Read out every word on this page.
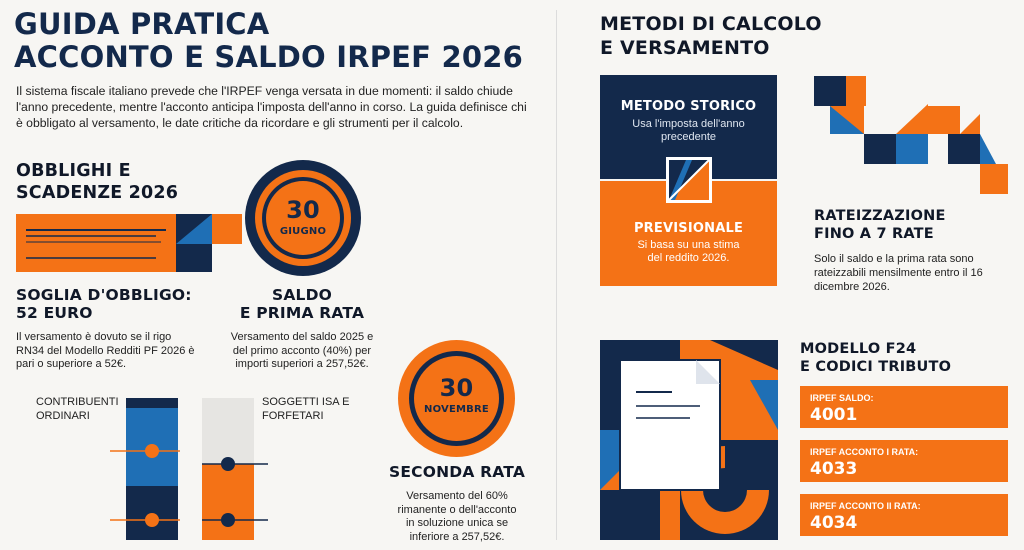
GUIDA PRATICA
ACCONTO E SALDO IRPEF 2026
Il sistema fiscale italiano prevede che l'IRPEF venga versata in due momenti: il saldo chiude l'anno precedente, mentre l'acconto anticipa l'imposta dell'anno in corso. La guida definisce chi è obbligato al versamento, le date critiche da ricordare e gli strumenti per il calcolo.
OBBLIGHI E
SCADENZE 2026
30
GIUGNO
SOGLIA D'OBBLIGO:
52 EURO
Il versamento è dovuto se il rigo RN34 del Modello Redditi PF 2026 è pari o superiore a 52€.
SALDO
E PRIMA RATA
Versamento del saldo 2025 e del primo acconto (40%) per importi superiori a 257,52€.
CONTRIBUENTI ORDINARI
SOGGETTI ISA E FORFETARI
30
NOVEMBRE
SECONDA RATA
Versamento del 60% rimanente o dell'acconto in soluzione unica se inferiore a 257,52€.
METODI DI CALCOLO
E VERSAMENTO
METODO STORICO
Usa l'imposta dell'anno precedente
PREVISIONALE
Si basa su una stima del reddito 2026.
RATEIZZAZIONE
FINO A 7 RATE
Solo il saldo e la prima rata sono rateizzabili mensilmente entro il 16 dicembre 2026.
MODELLO F24
E CODICI TRIBUTO
IRPEF SALDO:
4001
IRPEF ACCONTO I RATA:
4033
IRPEF ACCONTO II RATA:
4034
